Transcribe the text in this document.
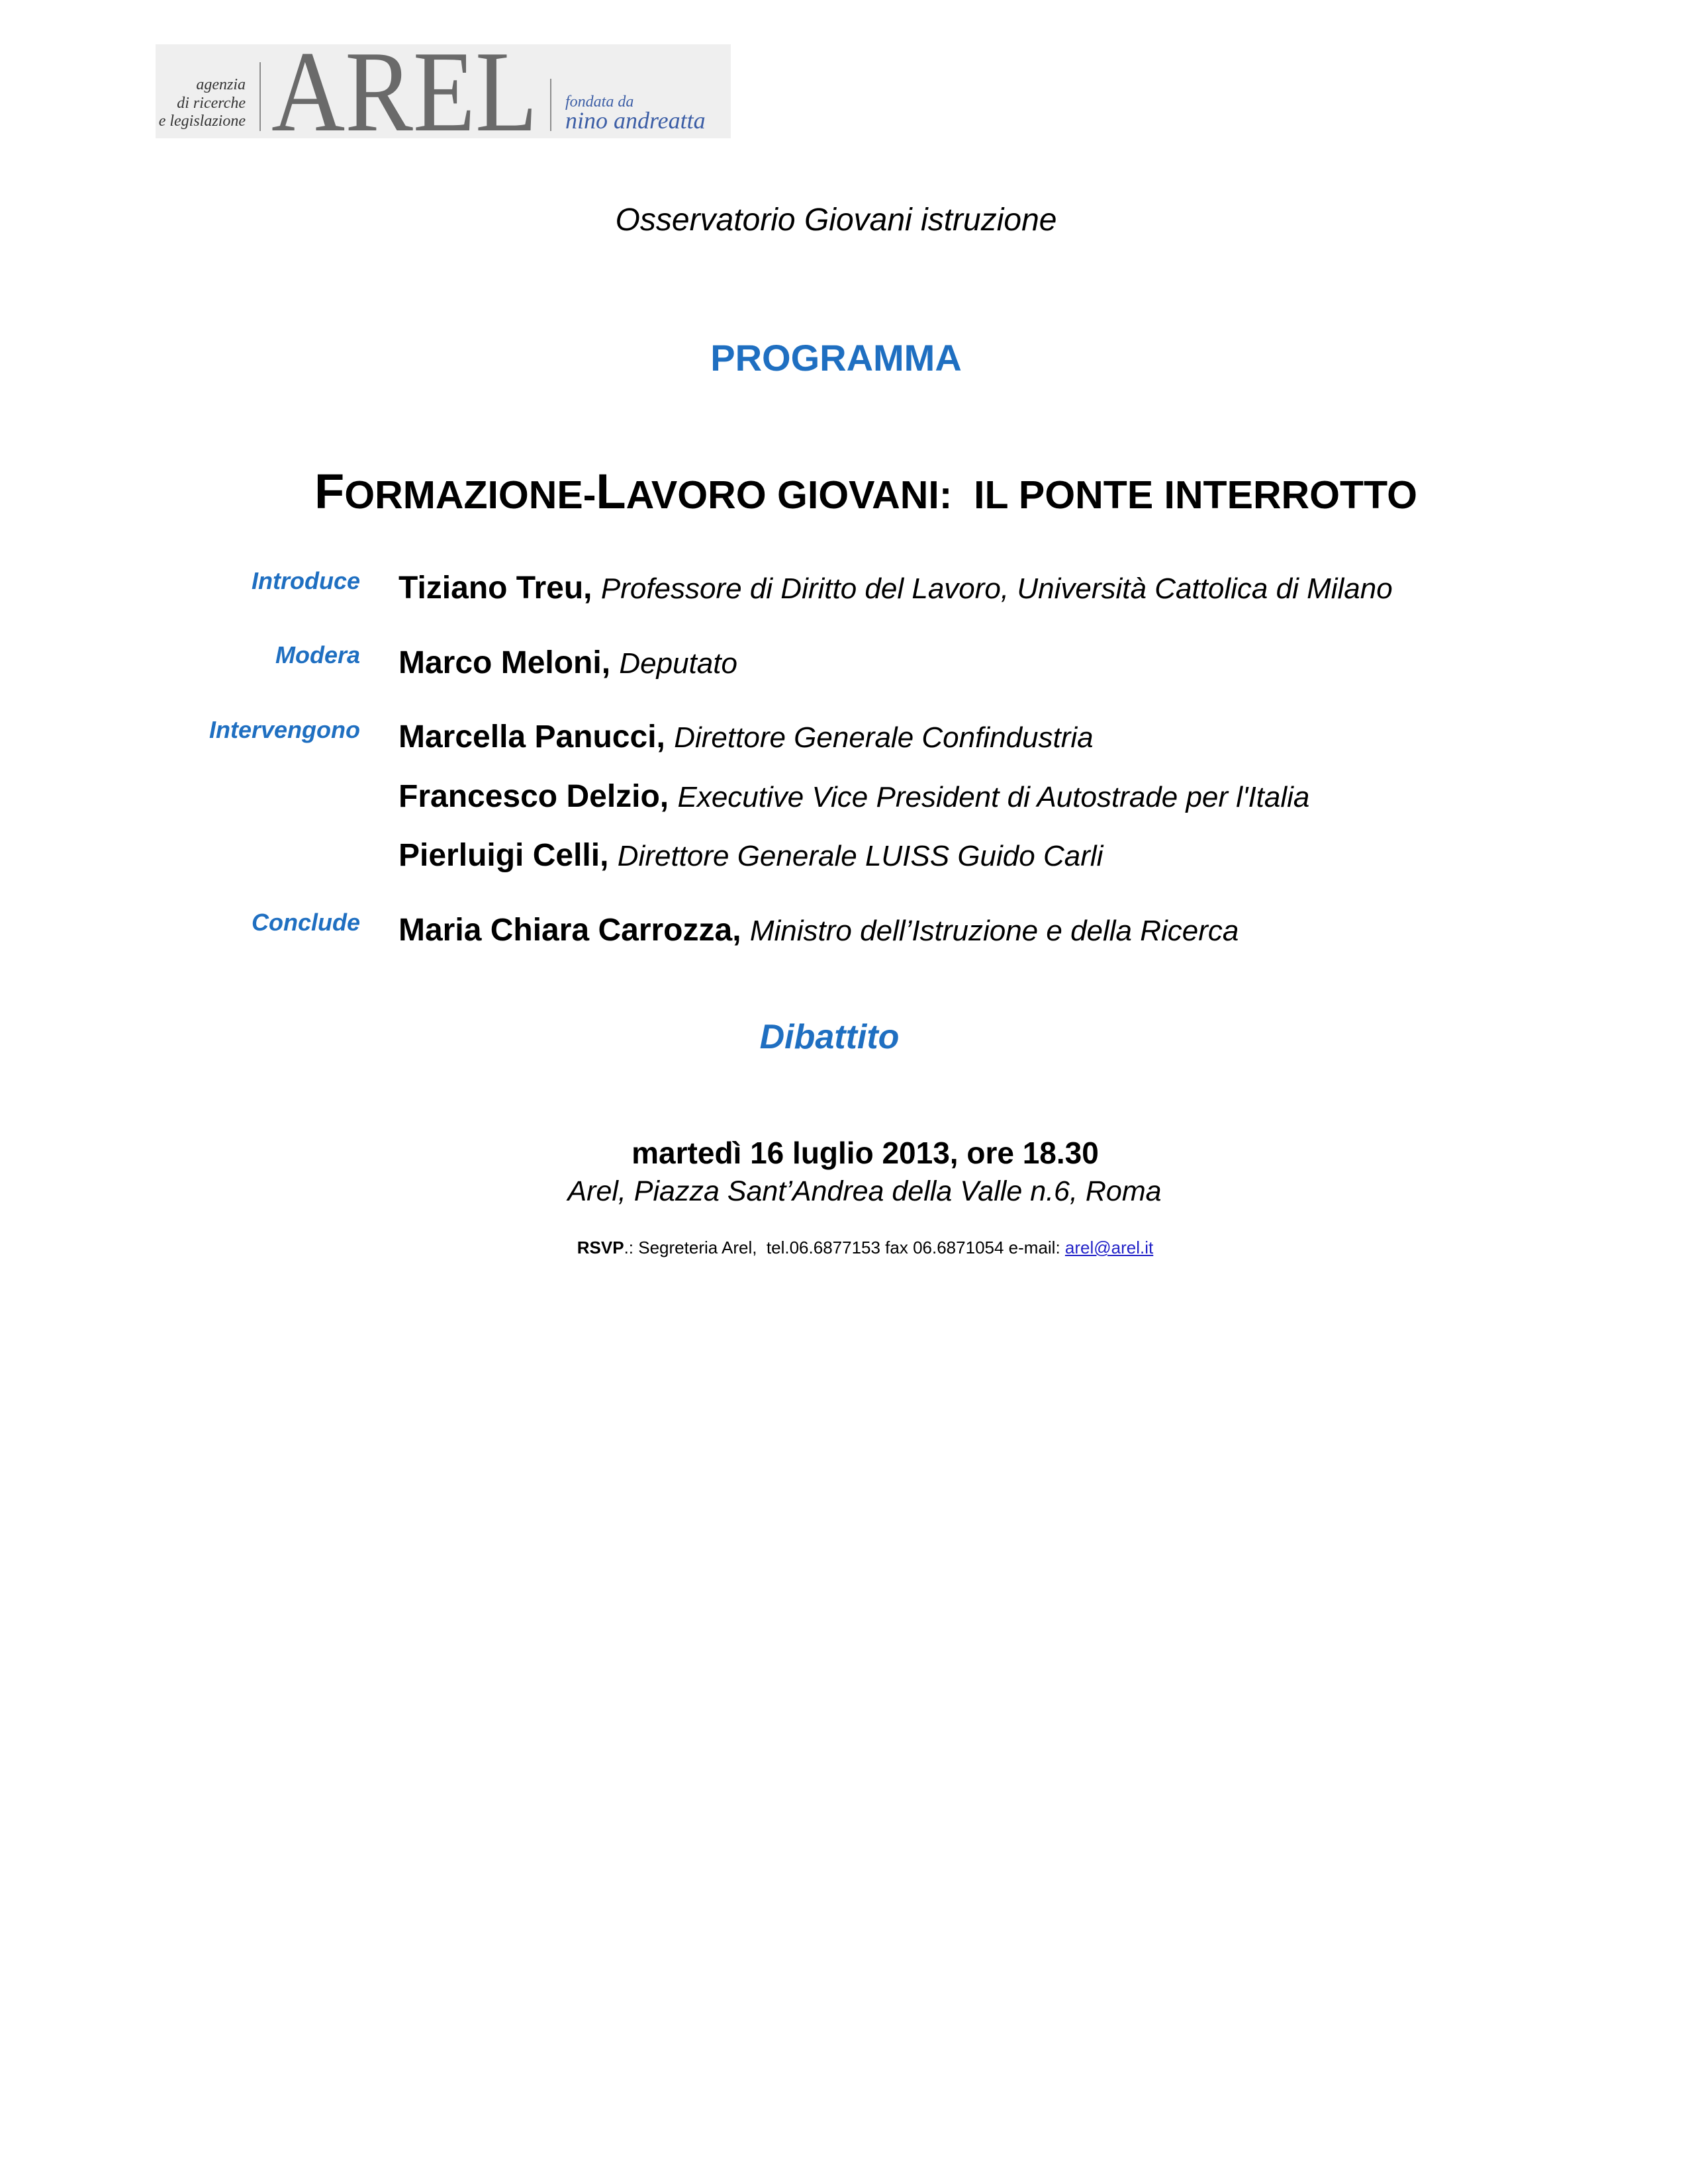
agenzia
di ricerche
e legislazione AREL fondata da
nino andreatta
Osservatorio Giovani istruzione
PROGRAMMA
FORMAZIONE-LAVORO GIOVANI:  IL PONTE INTERROTTO
Introduce Tiziano Treu, Professore di Diritto del Lavoro, Università Cattolica di Milano
Modera Marco Meloni, Deputato
Intervengono Marcella Panucci, Direttore Generale Confindustria
Francesco Delzio, Executive Vice President di Autostrade per l'Italia
Pierluigi Celli, Direttore Generale LUISS Guido Carli
Conclude Maria Chiara Carrozza, Ministro dell’Istruzione e della Ricerca
Dibattito
martedì 16 luglio 2013, ore 18.30
Arel, Piazza Sant’Andrea della Valle n.6, Roma
RSVP.: Segreteria Arel,  tel.06.6877153 fax 06.6871054 e-mail: arel@arel.it
